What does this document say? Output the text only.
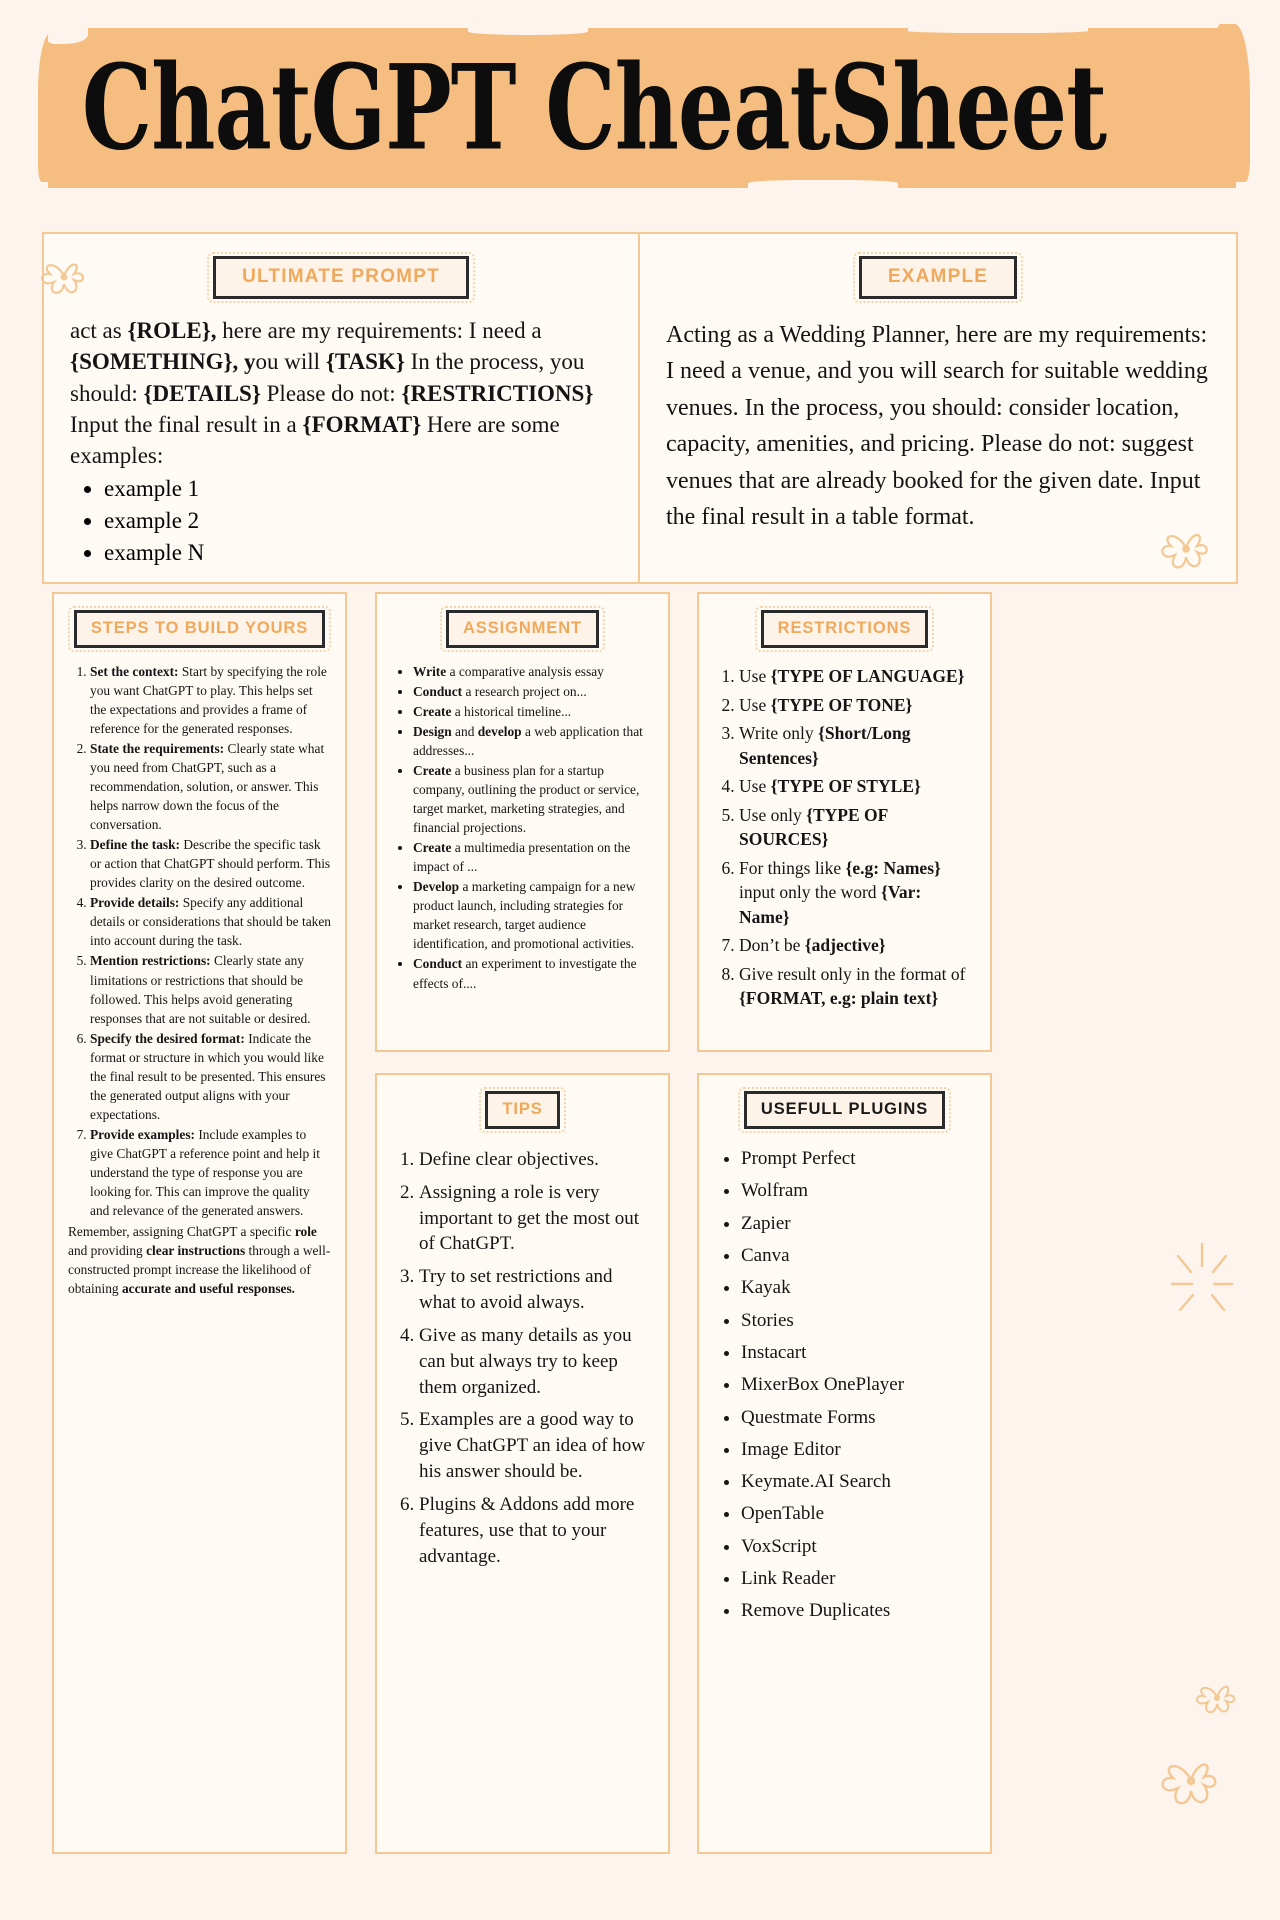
ChatGPT CheatSheet
ULTIMATE PROMPT
act as {ROLE}, here are my requirements: I need a {SOMETHING}, you will {TASK} In the process, you should: {DETAILS} Please do not: {RESTRICTIONS} Input the final result in a {FORMAT} Here are some examples:
• example 1
• example 2
• example N
EXAMPLE
Acting as a Wedding Planner, here are my requirements: I need a venue, and you will search for suitable wedding venues. In the process, you should: consider location, capacity, amenities, and pricing. Please do not: suggest venues that are already booked for the given date. Input the final result in a table format.
STEPS TO BUILD YOURS
1. Set the context: Start by specifying the role you want ChatGPT to play. This helps set the expectations and provides a frame of reference for the generated responses.
2. State the requirements: Clearly state what you need from ChatGPT, such as a recommendation, solution, or answer. This helps narrow down the focus of the conversation.
3. Define the task: Describe the specific task or action that ChatGPT should perform. This provides clarity on the desired outcome.
4. Provide details: Specify any additional details or considerations that should be taken into account during the task.
5. Mention restrictions: Clearly state any limitations or restrictions that should be followed. This helps avoid generating responses that are not suitable or desired.
6. Specify the desired format: Indicate the format or structure in which you would like the final result to be presented. This ensures the generated output aligns with your expectations.
7. Provide examples: Include examples to give ChatGPT a reference point and help it understand the type of response you are looking for. This can improve the quality and relevance of the generated answers.
Remember, assigning ChatGPT a specific role and providing clear instructions through a well-constructed prompt increase the likelihood of obtaining accurate and useful responses.
ASSIGNMENT
• Write a comparative analysis essay
• Conduct a research project on...
• Create a historical timeline...
• Design and develop a web application that addresses...
• Create a business plan for a startup company, outlining the product or service, target market, marketing strategies, and financial projections.
• Create a multimedia presentation on the impact of ...
• Develop a marketing campaign for a new product launch, including strategies for market research, target audience identification, and promotional activities.
• Conduct an experiment to investigate the effects of....
RESTRICTIONS
1. Use {TYPE OF LANGUAGE}
2. Use {TYPE OF TONE}
3. Write only {Short/Long Sentences}
4. Use {TYPE OF STYLE}
5. Use only {TYPE OF SOURCES}
6. For things like {e.g: Names} input only the word {Var: Name}
7. Don’t be {adjective}
8. Give result only in the format of {FORMAT, e.g: plain text}
TIPS
1. Define clear objectives.
2. Assigning a role is very important to get the most out of ChatGPT.
3. Try to set restrictions and what to avoid always.
4. Give as many details as you can but always try to keep them organized.
5. Examples are a good way to give ChatGPT an idea of how his answer should be.
6. Plugins & Addons add more features, use that to your advantage.
USEFULL PLUGINS
• Prompt Perfect
• Wolfram
• Zapier
• Canva
• Kayak
• Stories
• Instacart
• MixerBox OnePlayer
• Questmate Forms
• Image Editor
• Keymate.AI Search
• OpenTable
• VoxScript
• Link Reader
• Remove Duplicates
